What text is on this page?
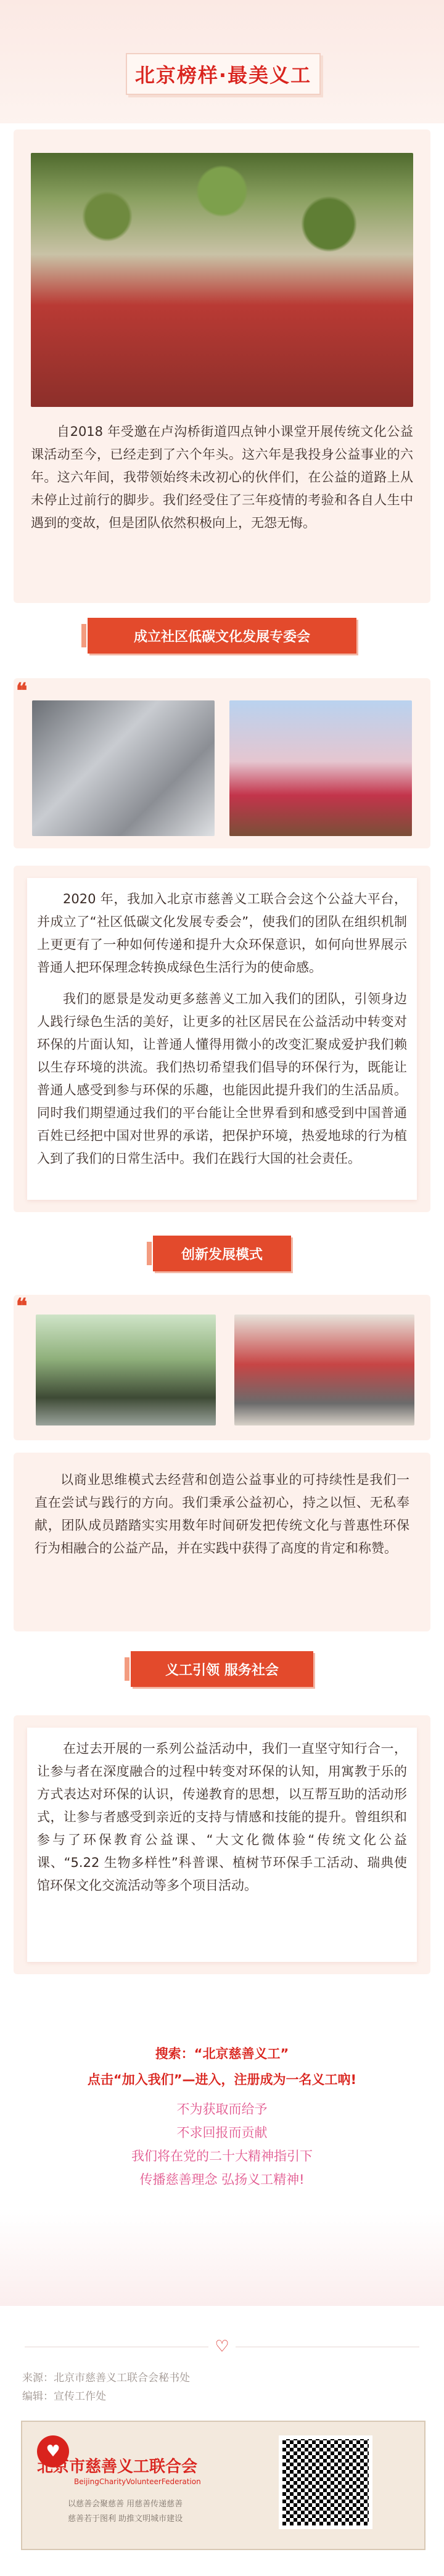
北京榜样·最美义工

自2018 年受邀在卢沟桥街道四点钟小课堂开展传统文化公益课活动至今，已经走到了六个年头。这六年是我投身公益事业的六年。这六年间，我带领始终未改初心的伙伴们，在公益的道路上从未停止过前行的脚步。我们经受住了三年疫情的考验和各自人生中遇到的变故，但是团队依然积极向上，无怨无悔。

成立社区低碳文化发展专委会
❝

2020 年，我加入北京市慈善义工联合会这个公益大平台，并成立了“社区低碳文化发展专委会”，使我们的团队在组织机制上更更有了一种如何传递和提升大众环保意识，如何向世界展示普通人把环保理念转换成绿色生活行为的使命感。

我们的愿景是发动更多慈善义工加入我们的团队，引领身边人践行绿色生活的美好，让更多的社区居民在公益活动中转变对环保的片面认知，让普通人懂得用微小的改变汇聚成爱护我们赖以生存环境的洪流。我们热切希望我们倡导的环保行为，既能让普通人感受到参与环保的乐趣，也能因此提升我们的生活品质。同时我们期望通过我们的平台能让全世界看到和感受到中国普通百姓已经把中国对世界的承诺，把保护环境，热爱地球的行为植入到了我们的日常生活中。我们在践行大国的社会责任。

创新发展模式
❝

以商业思维模式去经营和创造公益事业的可持续性是我们一直在尝试与践行的方向。我们秉承公益初心，持之以恒、无私奉献，团队成员踏踏实实用数年时间研发把传统文化与普惠性环保行为相融合的公益产品，并在实践中获得了高度的肯定和称赞。

义工引领 服务社会

在过去开展的一系列公益活动中，我们一直坚守知行合一，让参与者在深度融合的过程中转变对环保的认知，用寓教于乐的方式表达对环保的认识，传递教育的思想，以互帮互助的活动形式，让参与者感受到亲近的支持与情感和技能的提升。曾组织和参与了环保教育公益课、“大文化微体验“传统文化公益课、“5.22 生物多样性”科普课、植树节环保手工活动、瑞典使馆环保文化交流活动等多个项目活动。

搜索：“北京慈善义工”
点击“加入我们”—进入，注册成为一名义工吶!
不为获取而给予
不求回报而贡献
我们将在党的二十大精神指引下
传播慈善理念 弘扬义工精神!
♡
来源：北京市慈善义工联合会秘书处
编辑：宣传工作处
♥
北京市慈善义工联合会
BeijingCharityVolunteerFederation
以慈善会聚慈善 用慈善传递慈善
慈善若于图利 助推文明城市建设
